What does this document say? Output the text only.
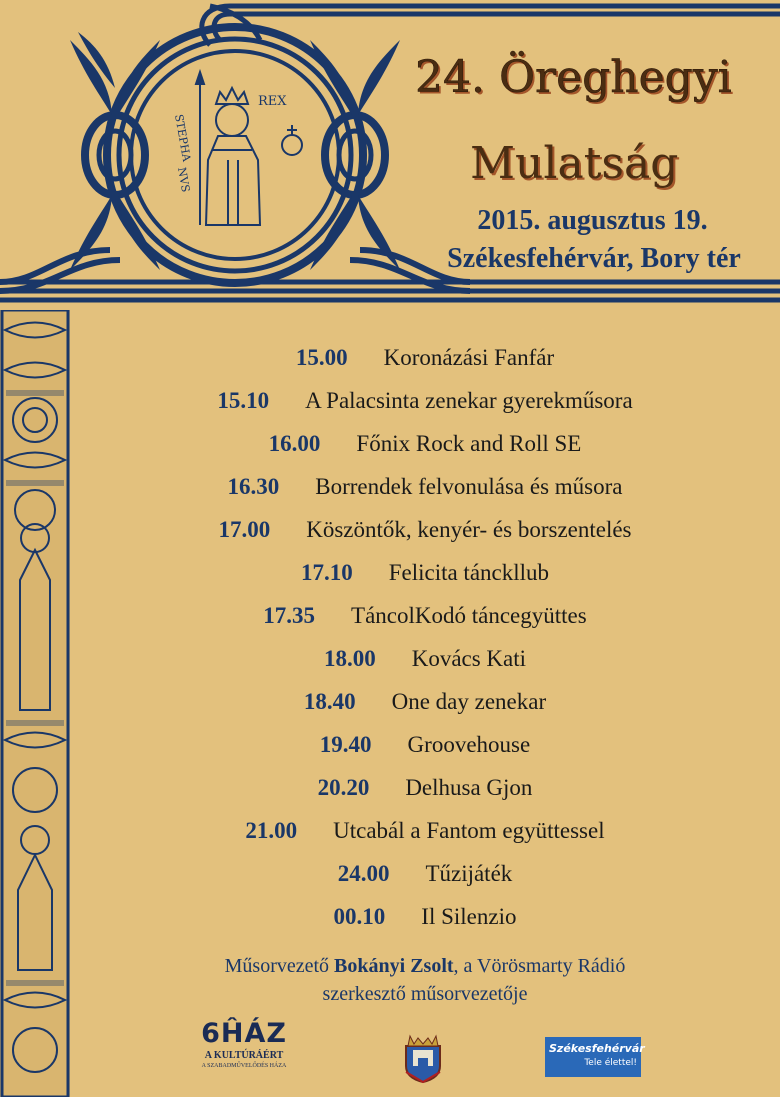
REX
STEPHA
NVS
24. Öreghegyi
Mulatság
2015. augusztus 19.
Székesfehérvár, Bory tér
15.00 Koronázási Fanfár
15.10 A Palacsinta zenekar gyerekműsora
16.00 Főnix Rock and Roll SE
16.30 Borrendek felvonulása és műsora
17.00 Köszöntők, kenyér- és borszentelés
17.10 Felicita tánckllub
17.35 TáncolKodó táncegyüttes
18.00 Kovács Kati
18.40 One day zenekar
19.40 Groovehouse
20.20 Delhusa Gjon
21.00 Utcabál a Fantom együttessel
24.00 Tűzijáték
00.10 Il Silenzio
Műsorvezető Bokányi Zsolt, a Vörösmarty Rádió
szerkesztő műsorvezetője
6ĤÁZ
A KULTÚRÁÉRT
A SZABADMŰVELŐDÉS HÁZA
Székesfehérvár
Tele élettel!
